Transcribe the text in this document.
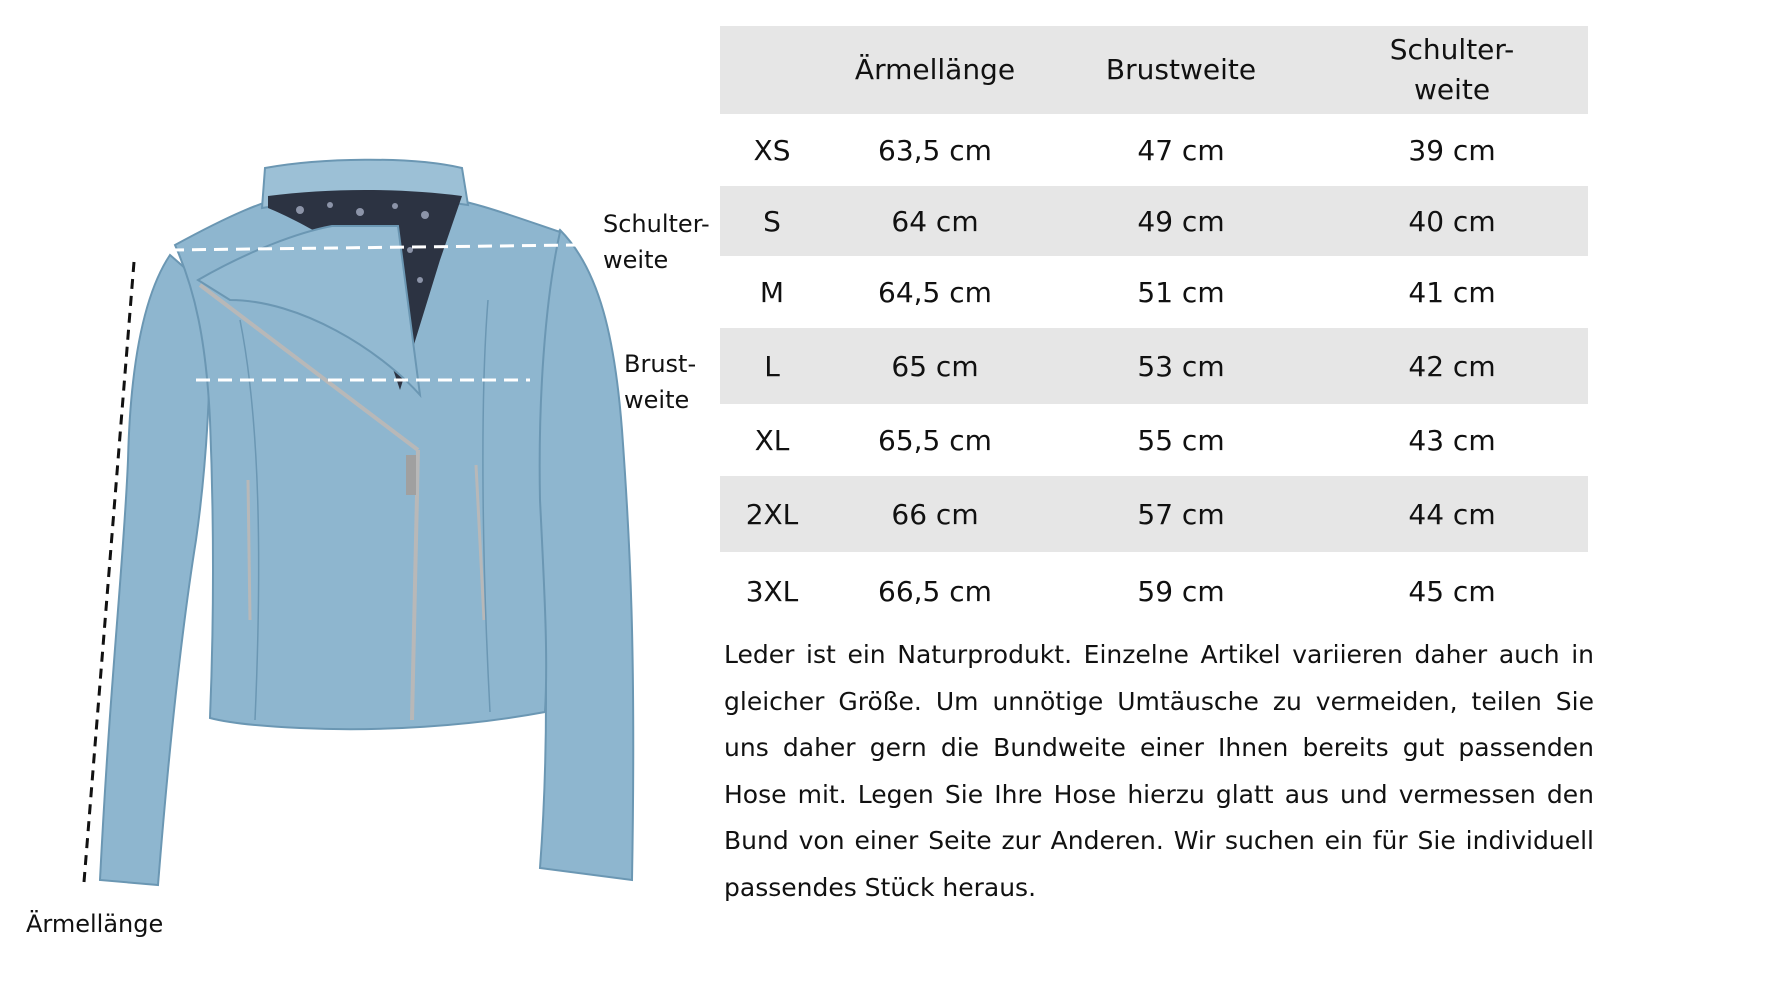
Schulter-
weite
Brust-
weite
Ärmellänge
	Ärmellänge	Brustweite	Schulter-
weite
XS	63,5 cm	47 cm	39 cm
S	64 cm	49 cm	40 cm
M	64,5 cm	51 cm	41 cm
L	65 cm	53 cm	42 cm
XL	65,5 cm	55 cm	43 cm
2XL	66 cm	57 cm	44 cm
3XL	66,5 cm	59 cm	45 cm

Leder ist ein Naturprodukt. Einzelne Artikel variieren daher auch in gleicher Größe. Um unnötige Umtäusche zu vermeiden, teilen Sie uns daher gern die Bundweite einer Ihnen bereits gut passenden Hose mit. Legen Sie Ihre Hose hierzu glatt aus und vermessen den Bund von einer Seite zur Anderen. Wir suchen ein für Sie individuell passendes Stück heraus.
